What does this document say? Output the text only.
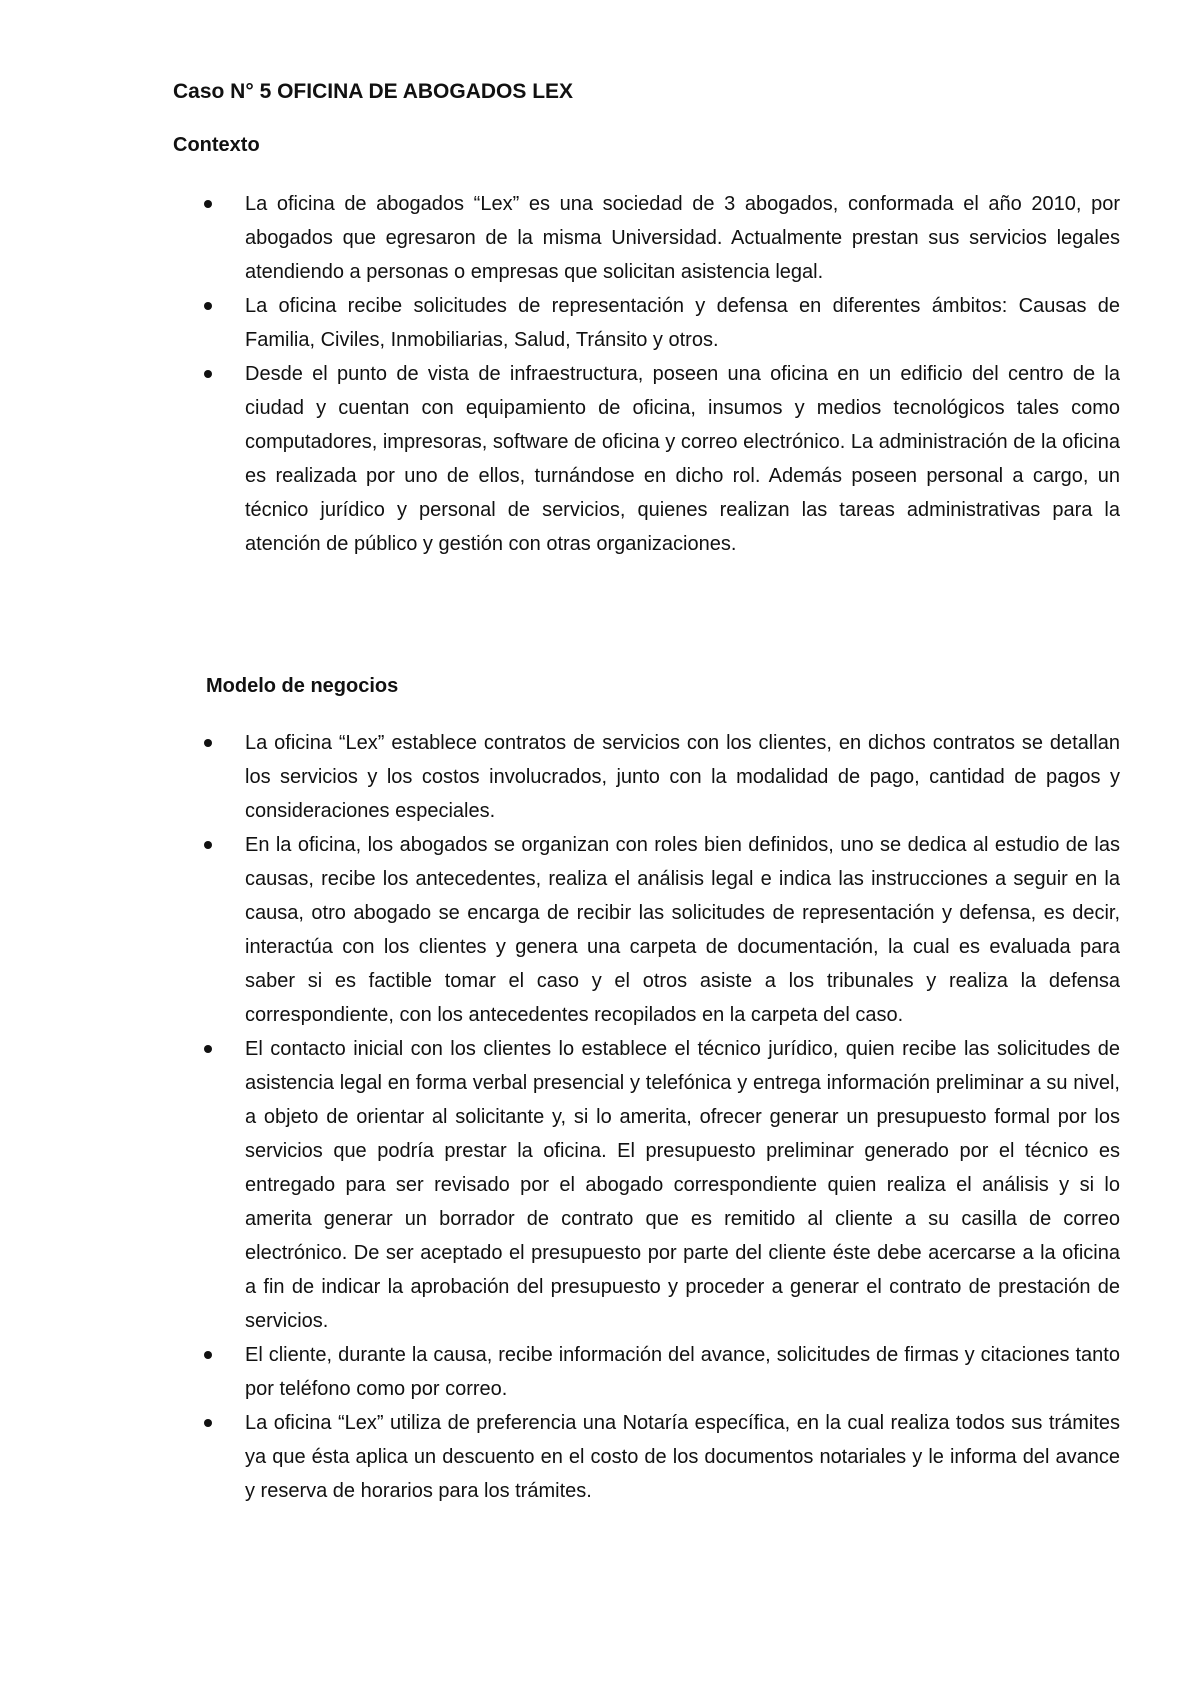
Caso N° 5 OFICINA DE ABOGADOS LEX
Contexto
La oficina de abogados “Lex” es una sociedad de 3 abogados, conformada el año 2010, por abogados que egresaron de la misma Universidad. Actualmente prestan sus servicios legales atendiendo a personas o empresas que solicitan asistencia legal.
La oficina recibe solicitudes de representación y defensa en diferentes ámbitos: Causas de Familia, Civiles, Inmobiliarias, Salud, Tránsito y otros.
Desde el punto de vista de infraestructura, poseen una oficina en un edificio del centro de la ciudad y cuentan con equipamiento de oficina, insumos y medios tecnológicos tales como computadores, impresoras, software de oficina y correo electrónico. La administración de la oficina es realizada por uno de ellos, turnándose en dicho rol. Además poseen personal a cargo, un técnico jurídico y personal de servicios, quienes realizan las tareas administrativas para la atención de público y gestión con otras organizaciones.
Modelo de negocios
La oficina “Lex” establece contratos de servicios con los clientes, en dichos contratos se detallan los servicios y los costos involucrados, junto con la modalidad de pago, cantidad de pagos y consideraciones especiales.
En la oficina, los abogados se organizan con roles bien definidos, uno se dedica al estudio de las causas, recibe los antecedentes, realiza el análisis legal e indica las instrucciones a seguir en la causa, otro abogado se encarga de recibir las solicitudes de representación y defensa, es decir, interactúa con los clientes y genera una carpeta de documentación, la cual es evaluada para saber si es factible tomar el caso y el otros asiste a los tribunales y realiza la defensa correspondiente, con los antecedentes recopilados en la carpeta del caso.
El contacto inicial con los clientes lo establece el técnico jurídico, quien recibe las solicitudes de asistencia legal en forma verbal presencial y telefónica y entrega información preliminar a su nivel, a objeto de orientar al solicitante y, si lo amerita, ofrecer generar un presupuesto formal por los servicios que podría prestar la oficina. El presupuesto preliminar generado por el técnico es entregado para ser revisado por el abogado correspondiente quien realiza el análisis y si lo amerita generar un borrador de contrato que es remitido al cliente a su casilla de correo electrónico. De ser aceptado el presupuesto por parte del cliente éste debe acercarse a la oficina a fin de indicar la aprobación del presupuesto y proceder a generar el contrato de prestación de servicios.
El cliente, durante la causa, recibe información del avance, solicitudes de firmas y citaciones tanto por teléfono como por correo.
La oficina “Lex” utiliza de preferencia una Notaría específica, en la cual realiza todos sus trámites ya que ésta aplica un descuento en el costo de los documentos notariales y le informa del avance y reserva de horarios para los trámites.
